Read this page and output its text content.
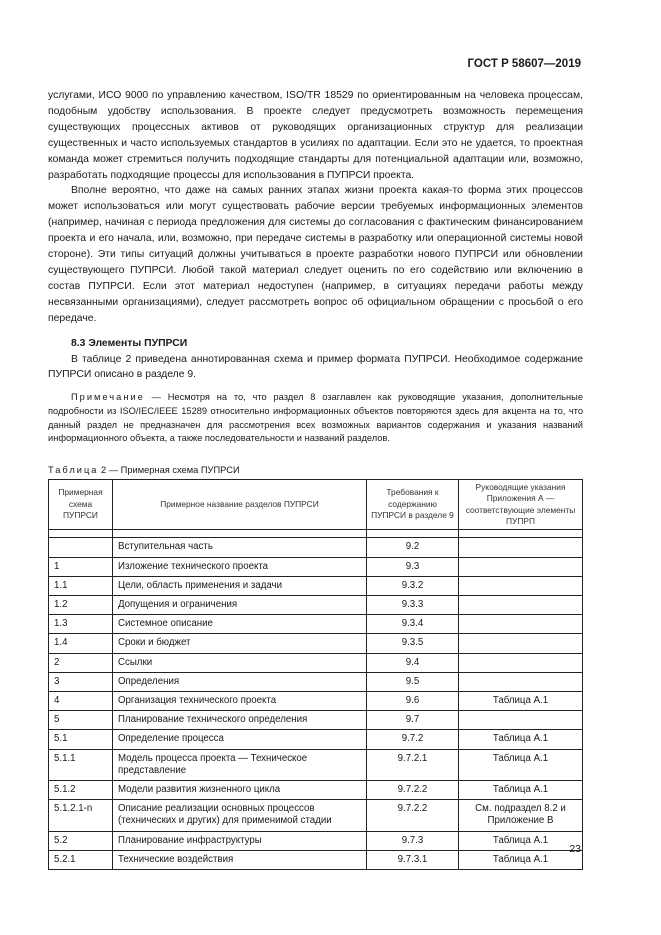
ГОСТ Р 58607—2019

услугами, ИСО 9000 по управлению качеством, ISO/TR 18529 по ориентированным на человека процессам, подобным удобству использования. В проекте следует предусмотреть возможность перемещения существующих процессных активов от руководящих организационных структур для реализации существенных и часто используемых стандартов в усилиях по адаптации. Если это не удается, то проектная команда может стремиться получить подходящие стандарты для потенциальной адаптации или, возможно, разработать подходящие процессы для использования в ПУПРСИ проекта.

Вполне вероятно, что даже на самых ранних этапах жизни проекта какая-то форма этих процессов может использоваться или могут существовать рабочие версии требуемых информационных элементов (например, начиная с периода предложения для системы до согласования с фактическим финансированием проекта и его начала, или, возможно, при передаче системы в разработку или операционной системы новой стороне). Эти типы ситуаций должны учитываться в проекте разработки нового ПУПРСИ или обновлении существующего ПУПРСИ. Любой такой материал следует оценить по его содействию или включению в состав ПУПРСИ. Если этот материал недоступен (например, в ситуациях передачи работы между несвязанными организациями), следует рассмотреть вопрос об официальном обращении с просьбой о его передаче.

8.3 Элементы ПУПРСИ

В таблице 2 приведена аннотированная схема и пример формата ПУПРСИ. Необходимое содержание ПУПРСИ описано в разделе 9.

Примечание — Несмотря на то, что раздел 8 озаглавлен как руководящие указания, дополнительные подробности из ISO/IEC/IEEE 15289 относительно информационных объектов повторяются здесь для акцента на то, что данный раздел не предназначен для рассмотрения всех возможных вариантов содержания и указания названий информационного объекта, а также последовательности и названий разделов.
Таблица 2 — Примерная схема ПУПРСИ
Примерная схема ПУПРСИ	Примерное название разделов ПУПРСИ	Требования к содержанию ПУПРСИ в разделе 9	Руководящие указания Приложения А — соответствующие элементы ПУПРП

	Вступительная часть	9.2	
1	Изложение технического проекта	9.3	
1.1	Цели, область применения и задачи	9.3.2	
1.2	Допущения и ограничения	9.3.3	
1.3	Системное описание	9.3.4	
1.4	Сроки и бюджет	9.3.5	
2	Ссылки	9.4	
3	Определения	9.5	
4	Организация технического проекта	9.6	Таблица А.1
5	Планирование технического определения	9.7	
5.1	Определение процесса	9.7.2	Таблица А.1
5.1.1	Модель процесса проекта — Техническое представление	9.7.2.1	Таблица А.1
5.1.2	Модели развития жизненного цикла	9.7.2.2	Таблица А.1
5.1.2.1-n	Описание реализации основных процессов (технических и других) для применимой стадии	9.7.2.2	См. подраздел 8.2 и Приложение В
5.2	Планирование инфраструктуры	9.7.3	Таблица А.1
5.2.1	Технические воздействия	9.7.3.1	Таблица А.1
23
